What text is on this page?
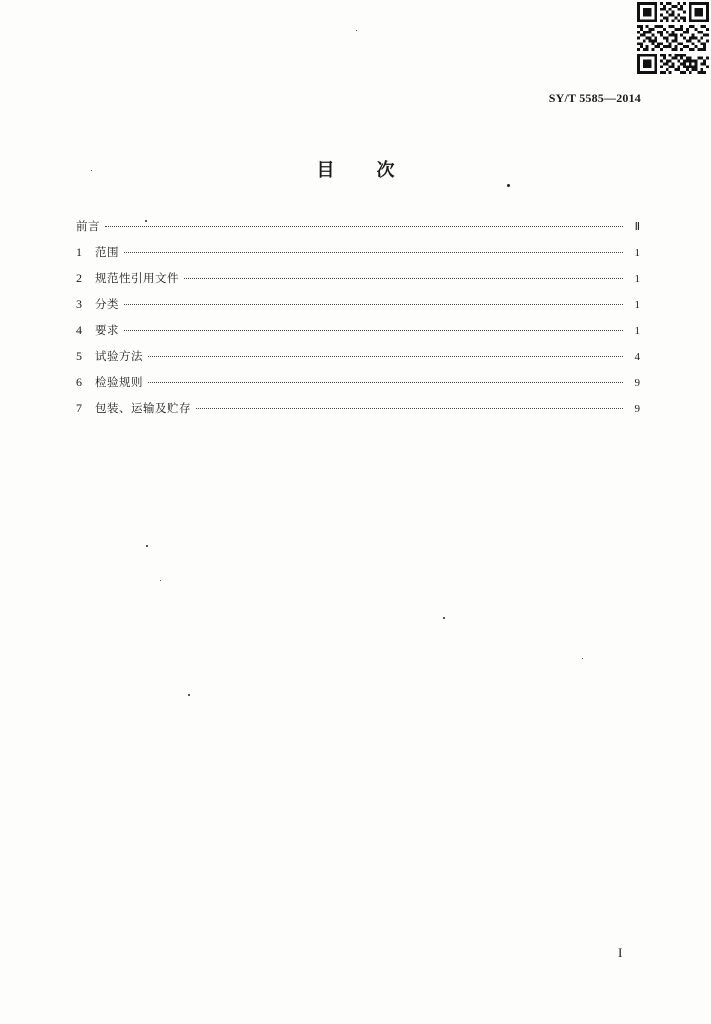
SY/T 5585—2014
目次
前言	Ⅱ
1	范围	1
2	规范性引用文件	1
3	分类	1
4	要求	1
5	试验方法	4
6	检验规则	9
7	包装、运输及贮存	9
I
